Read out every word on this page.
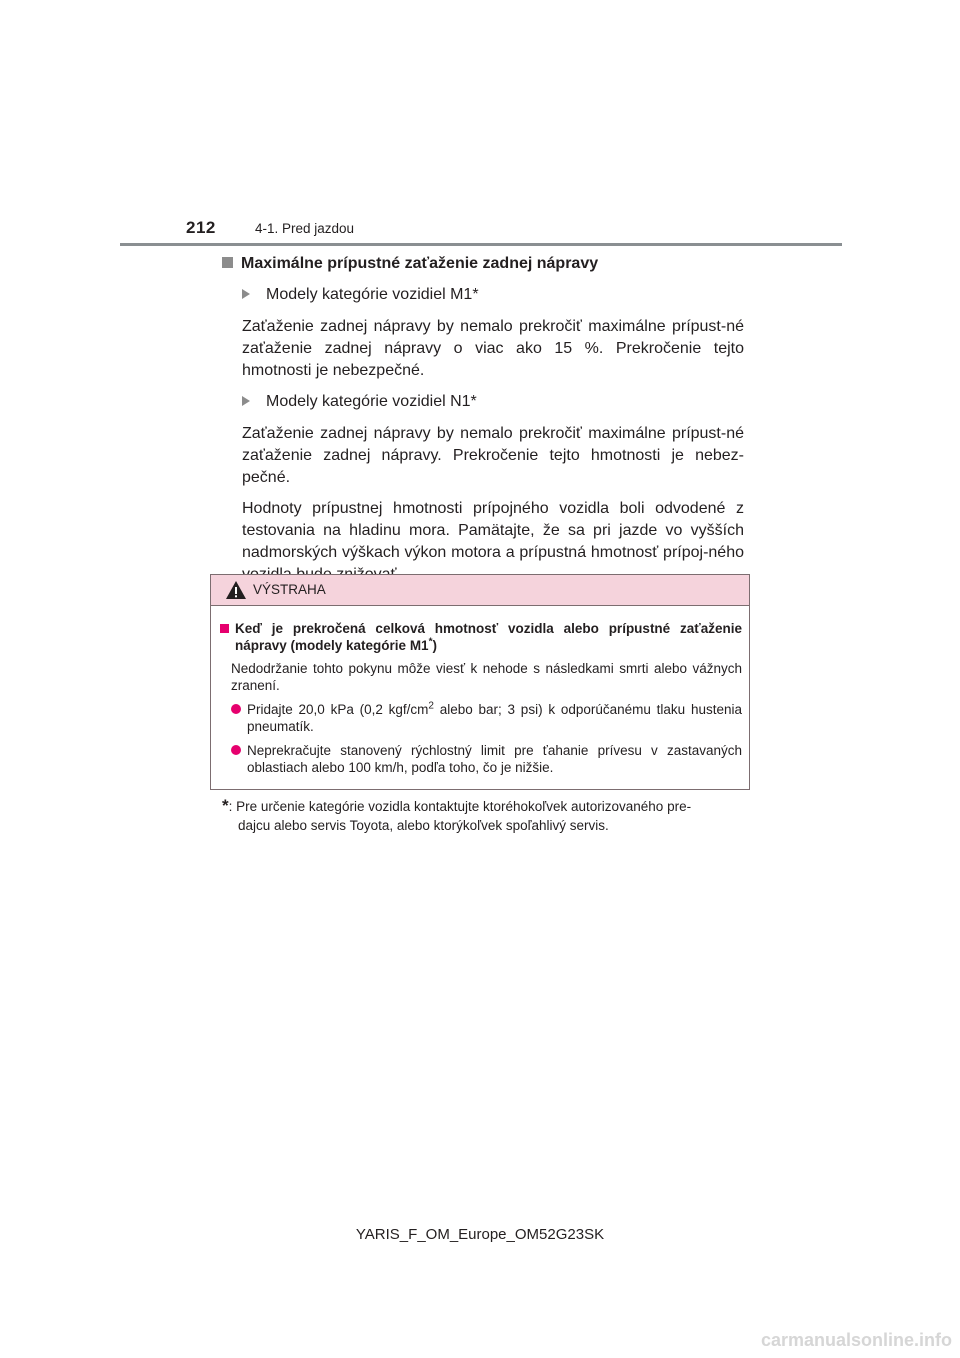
212	4-1. Pred jazdou
Maximálne prípustné zaťaženie zadnej nápravy
Modely kategórie vozidiel M1*
Zaťaženie zadnej nápravy by nemalo prekročiť maximálne prípust-né zaťaženie zadnej nápravy o viac ako 15 %. Prekročenie tejto hmotnosti je nebezpečné.
Modely kategórie vozidiel N1*
Zaťaženie zadnej nápravy by nemalo prekročiť maximálne prípust-né zaťaženie zadnej nápravy. Prekročenie tejto hmotnosti je nebez-pečné.
Hodnoty prípustnej hmotnosti prípojného vozidla boli odvodené z testovania na hladinu mora. Pamätajte, že sa pri jazde vo vyšších nadmorských výškach výkon motora a prípustná hmotnosť prípoj-ného
VÝSTRAHA
Keď je prekročená celková hmotnosť vozidla alebo prípustné zaťaženie nápravy (modely kategórie M1*)
Nedodržanie tohto pokynu môže viesť k nehode s následkami smrti alebo vážnych zranení.
Pridajte 20,0 kPa (0,2 kgf/$cm^2$ alebo bar; 3 psi) k odporúčanému tlaku hustenia pneumatík.
Neprekračujte stanovený rýchlostný limit pre ťahanie prívesu v zastavaných oblastiach alebo 100 km/h, podľa toho, čo je nižšie.
*: Pre určenie kategórie vozidla kontaktujte ktoréhokoľvek autorizovaného pre-
dajcu alebo servis Toyota, alebo ktorýkoľvek spoľahlivý servis.
YARIS_F_OM_Europe_OM52G23SK
carmanualsonline.info
